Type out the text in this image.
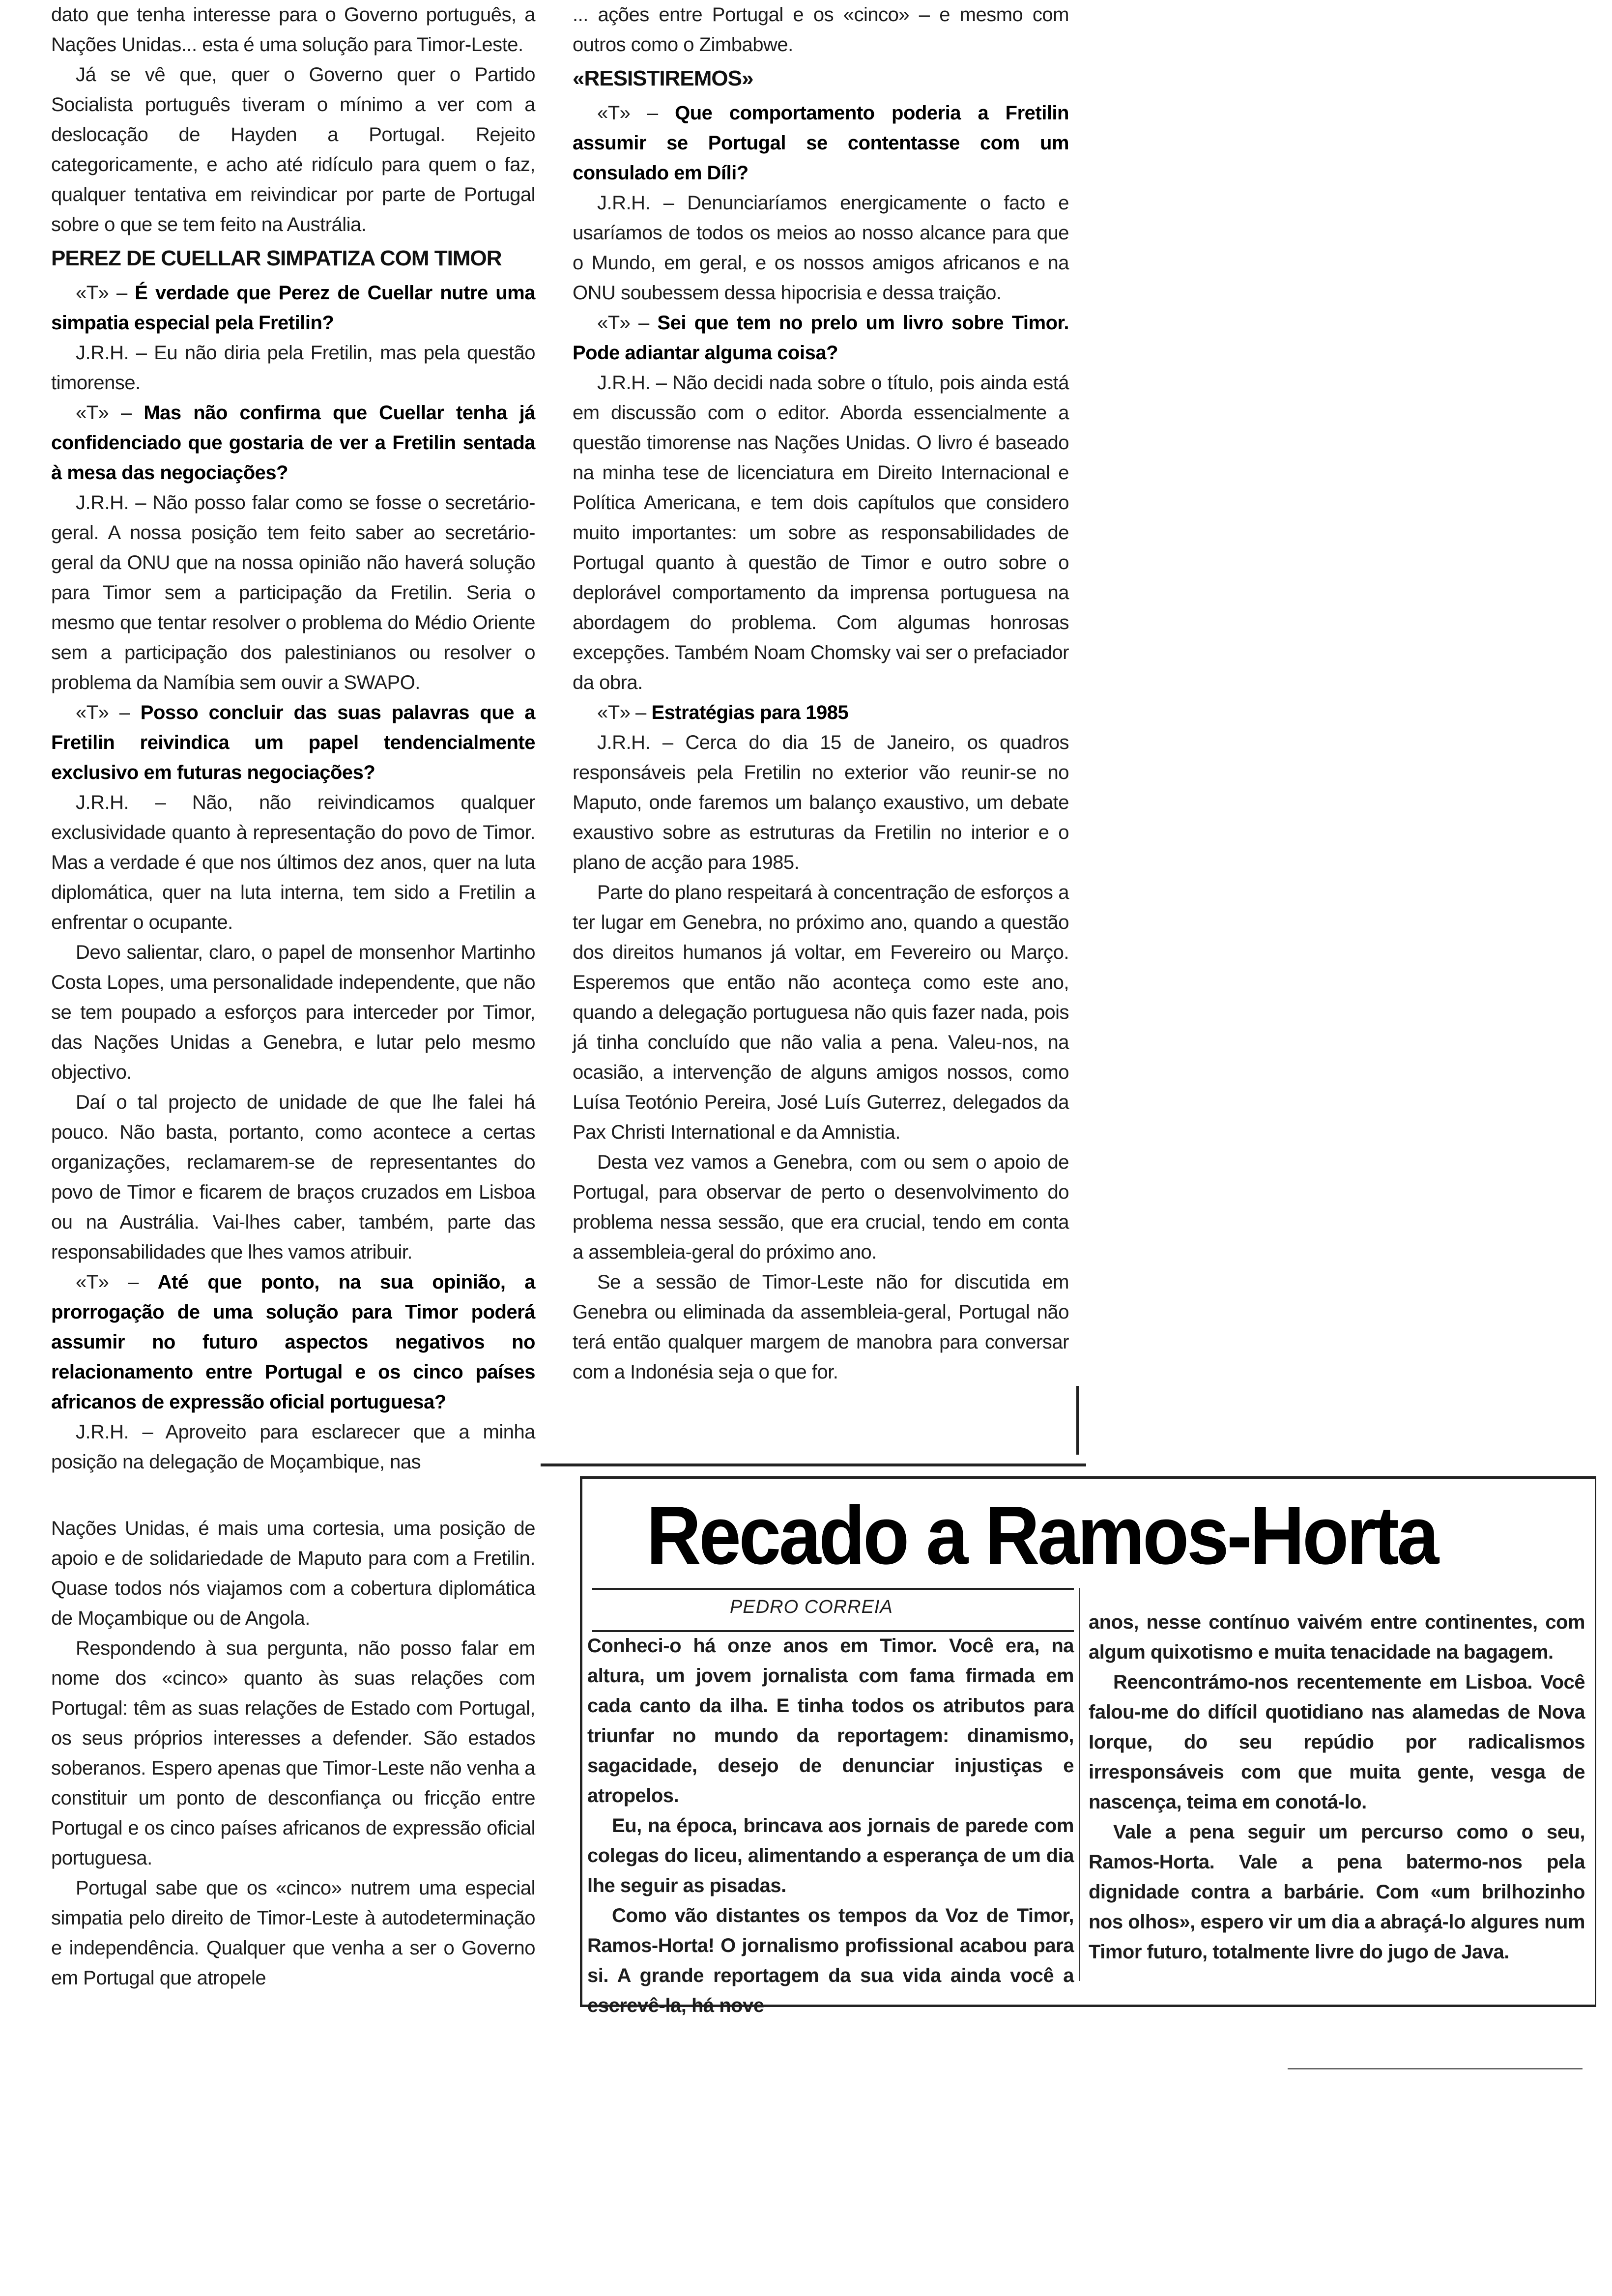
dato que tenha interesse para o Governo português, a Nações Unidas... esta é uma solução para Timor-Leste.

Já se vê que, quer o Governo quer o Partido Socialista português tiveram o mínimo a ver com a deslocação de Hayden a Portugal. Rejeito categoricamente, e acho até ridículo para quem o faz, qualquer tentativa em reivindicar por parte de Portugal sobre o que se tem feito na Austrália.

PEREZ DE CUELLAR SIMPATIZA COM TIMOR

«T» – É verdade que Perez de Cuellar nutre uma simpatia especial pela Fretilin?

J.R.H. – Eu não diria pela Fretilin, mas pela questão timorense.

«T» – Mas não confirma que Cuellar tenha já confidenciado que gostaria de ver a Fretilin sentada à mesa das negociações?

J.R.H. – Não posso falar como se fosse o secretário-geral. A nossa posição tem feito saber ao secretário-geral da ONU que na nossa opinião não haverá solução para Timor sem a participação da Fretilin. Seria o mesmo que tentar resolver o problema do Médio Oriente sem a participação dos palestinianos ou resolver o problema da Namíbia sem ouvir a SWAPO.

«T» – Posso concluir das suas palavras que a Fretilin reivindica um papel tendencialmente exclusivo em futuras negociações?

J.R.H. – Não, não reivindicamos qualquer exclusividade quanto à representação do povo de Timor. Mas a verdade é que nos últimos dez anos, quer na luta diplomática, quer na luta interna, tem sido a Fretilin a enfrentar o ocupante.

Devo salientar, claro, o papel de monsenhor Martinho Costa Lopes, uma personalidade independente, que não se tem poupado a esforços para interceder por Timor, das Nações Unidas a Genebra, e lutar pelo mesmo objectivo.

Daí o tal projecto de unidade de que lhe falei há pouco. Não basta, portanto, como acontece a certas organizações, reclamarem-se de representantes do povo de Timor e ficarem de braços cruzados em Lisboa ou na Austrália. Vai-lhes caber, também, parte das responsabilidades que lhes vamos atribuir.

«T» – Até que ponto, na sua opinião, a prorrogação de uma solução para Timor poderá assumir no futuro aspectos negativos no relacionamento entre Portugal e os cinco países africanos de expressão oficial portuguesa?

J.R.H. – Aproveito para esclarecer que a minha posição na delegação de Moçambique, nas

... ações entre Portugal e os «cinco» – e mesmo com outros como o Zimbabwe.

«RESISTIREMOS»

«T» – Que comportamento poderia a Fretilin assumir se Portugal se contentasse com um consulado em Díli?

J.R.H. – Denunciaríamos energicamente o facto e usaríamos de todos os meios ao nosso alcance para que o Mundo, em geral, e os nossos amigos africanos e na ONU soubessem dessa hipocrisia e dessa traição.

«T» – Sei que tem no prelo um livro sobre Timor. Pode adiantar alguma coisa?

J.R.H. – Não decidi nada sobre o título, pois ainda está em discussão com o editor. Aborda essencialmente a questão timorense nas Nações Unidas. O livro é baseado na minha tese de licenciatura em Direito Internacional e Política Americana, e tem dois capítulos que considero muito importantes: um sobre as responsabilidades de Portugal quanto à questão de Timor e outro sobre o deplorável comportamento da imprensa portuguesa na abordagem do problema. Com algumas honrosas excepções. Também Noam Chomsky vai ser o prefaciador da obra.

«T» – Estratégias para 1985

J.R.H. – Cerca do dia 15 de Janeiro, os quadros responsáveis pela Fretilin no exterior vão reunir-se no Maputo, onde faremos um balanço exaustivo, um debate exaustivo sobre as estruturas da Fretilin no interior e o plano de acção para 1985.

Parte do plano respeitará à concentração de esforços a ter lugar em Genebra, no próximo ano, quando a questão dos direitos humanos já voltar, em Fevereiro ou Março. Esperemos que então não aconteça como este ano, quando a delegação portuguesa não quis fazer nada, pois já tinha concluído que não valia a pena. Valeu-nos, na ocasião, a intervenção de alguns amigos nossos, como Luísa Teotónio Pereira, José Luís Guterrez, delegados da Pax Christi International e da Amnistia.

Desta vez vamos a Genebra, com ou sem o apoio de Portugal, para observar de perto o desenvolvimento do problema nessa sessão, que era crucial, tendo em conta a assembleia-geral do próximo ano.

Se a sessão de Timor-Leste não for discutida em Genebra ou eliminada da assembleia-geral, Portugal não terá então qualquer margem de manobra para conversar com a Indonésia seja o que for.

Nações Unidas, é mais uma cortesia, uma posição de apoio e de solidariedade de Maputo para com a Fretilin. Quase todos nós viajamos com a cobertura diplomática de Moçambique ou de Angola.

Respondendo à sua pergunta, não posso falar em nome dos «cinco» quanto às suas relações com Portugal: têm as suas relações de Estado com Portugal, os seus próprios interesses a defender. São estados soberanos. Espero apenas que Timor-Leste não venha a constituir um ponto de desconfiança ou fricção entre Portugal e os cinco países africanos de expressão oficial portuguesa.

Portugal sabe que os «cinco» nutrem uma especial simpatia pelo direito de Timor-Leste à autodeterminação e independência. Qualquer que venha a ser o Governo em Portugal que atropele

Recado a Ramos-Horta
PEDRO CORREIA

Conheci-o há onze anos em Timor. Você era, na altura, um jovem jornalista com fama firmada em cada canto da ilha. E tinha todos os atributos para triunfar no mundo da reportagem: dinamismo, sagacidade, desejo de denunciar injustiças e atropelos.

Eu, na época, brincava aos jornais de parede com colegas do liceu, alimentando a esperança de um dia lhe seguir as pisadas.

Como vão distantes os tempos da Voz de Timor, Ramos-Horta! O jornalismo profissional acabou para si. A grande reportagem da sua vida ainda você a escrevê-la, há nove

anos, nesse contínuo vaivém entre continentes, com algum quixotismo e muita tenacidade na bagagem.

Reencontrámo-nos recentemente em Lisboa. Você falou-me do difícil quotidiano nas alamedas de Nova Iorque, do seu repúdio por radicalismos irresponsáveis com que muita gente, vesga de nascença, teima em conotá-lo.

Vale a pena seguir um percurso como o seu, Ramos-Horta. Vale a pena batermo-nos pela dignidade contra a barbárie. Com «um brilhozinho nos olhos», espero vir um dia a abraçá-lo algures num Timor futuro, totalmente livre do jugo de Java.
